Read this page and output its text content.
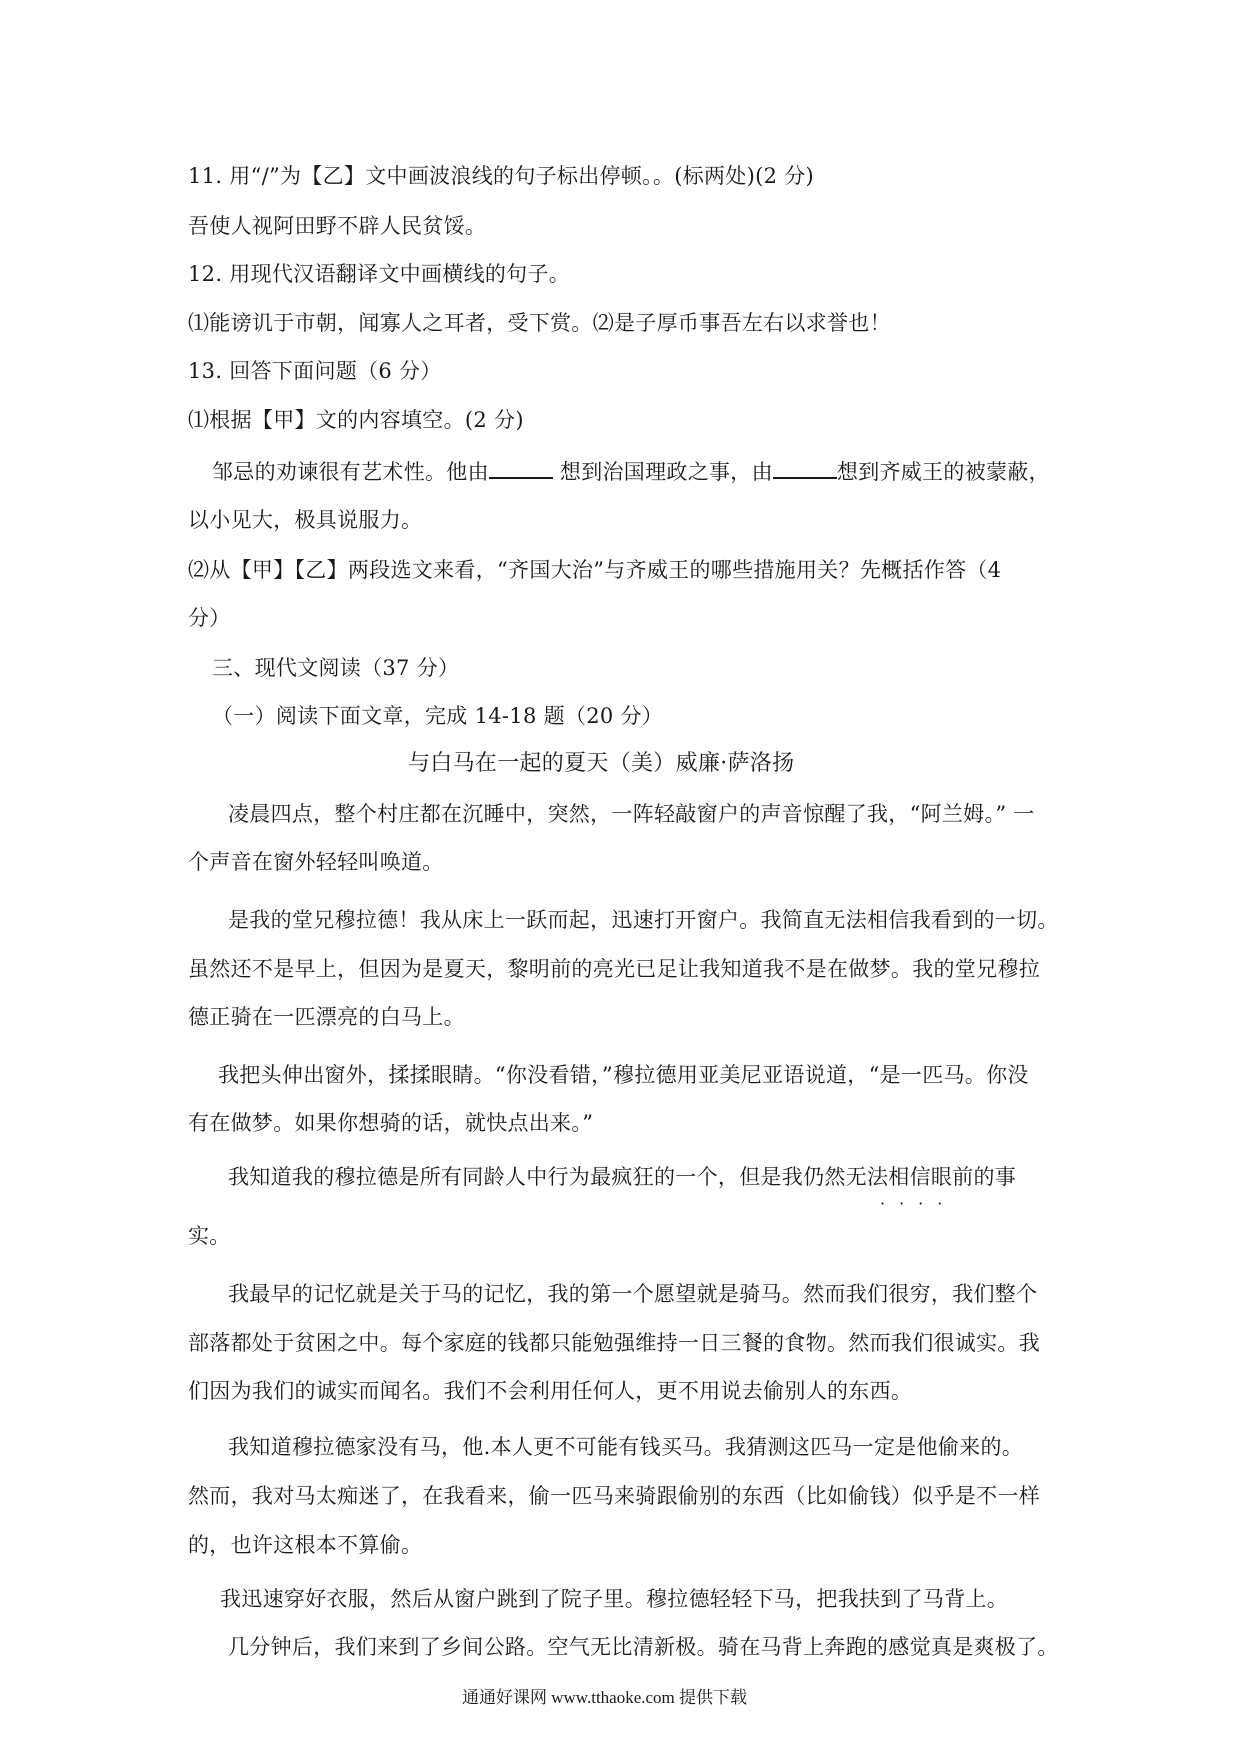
11. 用“/”为【乙】文中画波浪线的句子标出停顿。。(标两处)(2 分)
吾使人视阿田野不辟人民贫馁。
12. 用现代汉语翻译文中画横线的句子。
⑴能谤讥于市朝，闻寡人之耳者，受下赏。⑵是子厚币事吾左右以求誉也！
13. 回答下面问题（6 分）
⑴根据【甲】文的内容填空。(2 分)
邹忌的劝谏很有艺术性。他由	想到治国理政之事，由	想到齐威王的被蒙蔽，
以小见大，极具说服力。
⑵从【甲】【乙】两段选文来看，“齐国大治”与齐威王的哪些措施用关？先概括作答（4
分）
三、现代文阅读（37 分）
（一）阅读下面文章，完成 14-18 题（20 分）
与白马在一起的夏天（美）威廉·萨洛扬
凌晨四点，整个村庄都在沉睡中，突然，一阵轻敲窗户的声音惊醒了我，“阿兰姆。” 一
个声音在窗外轻轻叫唤道。
是我的堂兄穆拉德！我从床上一跃而起，迅速打开窗户。我简直无法相信我看到的一切。
虽然还不是早上，但因为是夏天，黎明前的亮光已足让我知道我不是在做梦。我的堂兄穆拉
德正骑在一匹漂亮的白马上。
我把头伸出窗外，揉揉眼睛。“你没看错，”穆拉德用亚美尼亚语说道，“是一匹马。你没
有在做梦。如果你想骑的话，就快点出来。”
我知道我的穆拉德是所有同龄人中行为最疯狂的一个，但是我仍然无法相信眼前的事
····
实。
我最早的记忆就是关于马的记忆，我的第一个愿望就是骑马。然而我们很穷，我们整个
部落都处于贫困之中。每个家庭的钱都只能勉强维持一日三餐的食物。然而我们很诚实。我
们因为我们的诚实而闻名。我们不会利用任何人，更不用说去偷别人的东西。
我知道穆拉德家没有马，他.本人更不可能有钱买马。我猜测这匹马一定是他偷来的。
然而，我对马太痴迷了，在我看来，偷一匹马来骑跟偷别的东西（比如偷钱）似乎是不一样
的，也许这根本不算偷。
我迅速穿好衣服，然后从窗户跳到了院子里。穆拉德轻轻下马，把我扶到了马背上。
几分钟后，我们来到了乡间公路。空气无比清新极。骑在马背上奔跑的感觉真是爽极了。
通通好课网 www.tthaoke.com 提供下载
